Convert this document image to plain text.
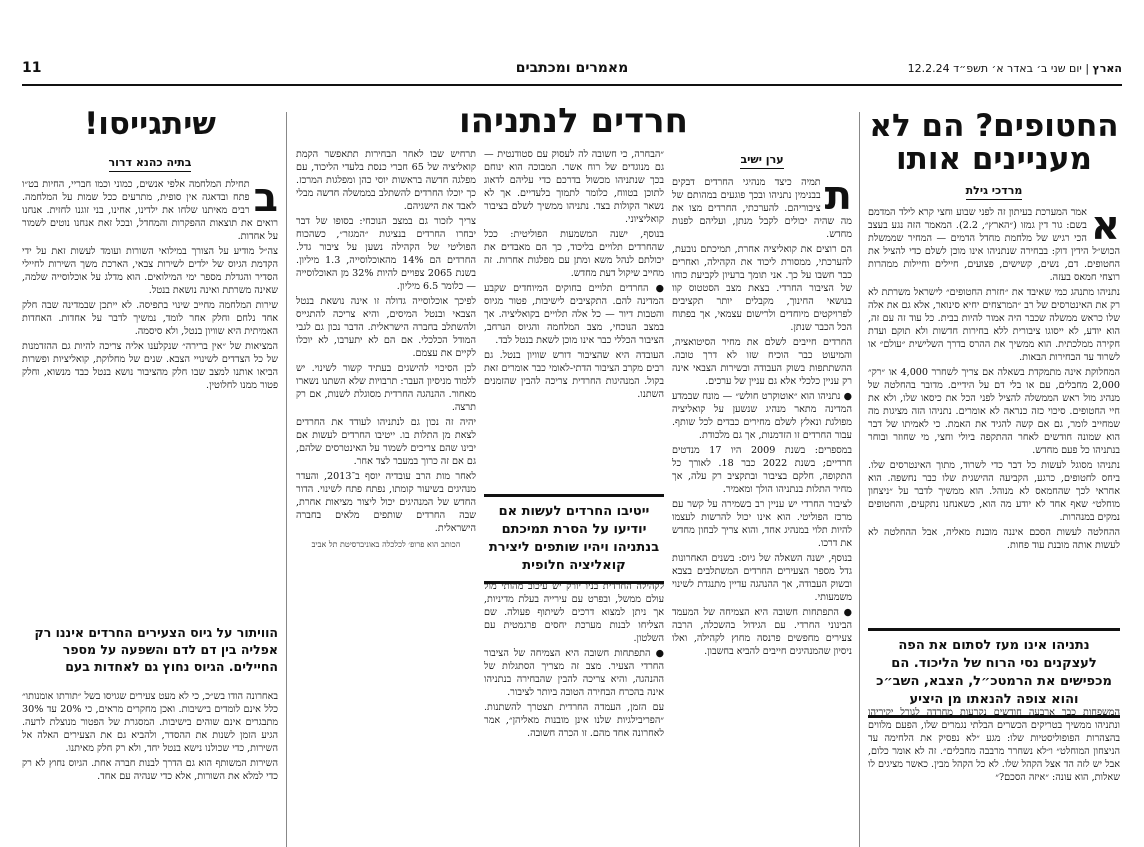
11	מאמרים ומכתבים	הארץ | יום שני ב׳ באדר א׳ תשפ״ד 12.2.24
החטופים? הם לא מעניינים אותו
מרדכי גילת
א

אמר המערכת בעיתון זה לפני שבוע וחצי קרא לילד המדמם בשם: גור דין גמזו (״הארץ״, 2.2). המאמר הזה נגע בעצב הכי רגיש של מלחמת מחדל הדמים — המחיר שממשלת הכוש״ל הידין דוק: בבחירה שנתניהו אינו מוכן לשלם כדי להציל את החטופים. דם, נשים, קשישים, פצועים, חיילים וחיילות ממהרות רוצחי חמאס בעזה.

נתניהו מתנהג כמי שאיבד את ״חזרת החטופים״ לישראל משרתת לא רק את האינטרסים של רב ״המרצחים יחיא סינואר, אלא גם את אלה שלו כראש ממשלה שכבר היה אמור להיות בבית. כל עוד זה עם זה, הוא יודע, לא ייסוגו ציבורית ללא בחירות חדשות ולא תוקם ועדת חקירה ממלכתית. הוא ממשיך את ההרס בדרך השלישית ״עולם״ או לשרוד עד הבחירות הבאות.

המחלוקת אינה מתמקדת בשאלה אם צריך לשחרר 4,000 או ״רק״ 2,000 מחבלים, עם או בלי דם על הידיים. מדובר בהחלטה של מנהיג מול ראש הממשלה להציל לפני הכל את כיסאו שלו, ולא את חיי החטופים. סיכוי כזה כנראה לא אומרים. נתניהו הזה מציגות מה שמחייב לומר, גם אם קשה להגיד את האמת. כי לאמיתו של דבר הוא שמונה חודשים לאחר ההתקפה ביולי וחצי, מי שחוזר ובוחר בנתניהו כל פעם מחדש.

נתניהו מסוגל לעשות כל דבר כדי לשרוד, מתוך האינטרסים שלו. ביחס לחטופים, כרגע, הקביעה ההישגית שלו כבר נחשפה. הוא אחראי לכך שהחמאס לא מנוהל. הוא ממשיך לדבר על ״ניצחון מוחלט״ שאף אחד לא יודע מה הוא, כשאנחנו נתקעים, והחטופים נמקים במנהרות.

ההחלטה לעשות הסכם איננה מובנת מאליה, אבל ההחלטה לא לעשות אותה מובנת עוד פחות.

נתניהו אינו מעז לסתום את הפה לעצקנים נסי הרוח של הליכוד. הם מכפישים את הרמטכ״ל, הצבא, השב״כ והוא צופה להנאתו מן היציע

המשפחות כבר ארבעה חודשים נקרעות מחרדה לגורל יקיריהן ונתניהו ממשיך בטריקים הכשרים הבלתי נגמרים שלו, הפעם מלווים בהצהרות הפופוליסטיות שלו: מגע ״לא נפסיק את הלחימה עד הניצחון המוחלט״ ו״לא נשחרר מרבבה מחבלים״. זה לא אומר כלום, אבל יש לזה הד אצל הקהל שלו. לא כל הקהל מבין. כאשר מציגים לו שאלות, הוא עונה: ״איזה הסכם?״

חרדים לנתניהו
ערן ישיב
ת

תמיה כיצד מנהיגי החרדים דבקים בבנימין נתניהו ובכך פוגעים במהותם של ציבוריהם. להערכתי, החרדים מצו את מה שהיה יכולים לקבל מנתן, ועליהם לפנות מחדש.

הם רוצים את קואליציה אחרת, תמיכתם נובעת, להערכתי, ממסורת ליכוד את הקהילה, ואחרים כבר חשבו על כך. אני תומך ברעיון לקביעת כוחו של הציבור החרדי. בצאת מצב הסטטוס קוו בנושאי החינוך, מקבלים יותר תקציבים לפרויקטים מיוחדים ולרישום עצמאי, אך בפתוח הכל הכבר שנתן.

החרדים חייבים לשלם את מחיר הסיטואציה, והמיעוט כבר הוכיח שזו לא דרך טובה. ההשתתפות בשוק העבודה ובשירות הצבאי אינה רק עניין כלכלי אלא גם עניין של ערכים.

● נתניהו הוא ״אוטוקרט חולש״ — מונח שבמדע המדינה מתאר מנהיג שנשען על קואליציה מפולגת ונאלץ לשלם מחירים כבדים לכל שותף. עבור החרדים זו הזדמנות, אך גם מלכודת.

במספרים: בשנת 2009 היו 17 מנדטים חרדיים; בשנת 2022 כבר 18. לאורך כל התקופה, חלקם בציבור ובתקציב רק עלה, אך מחיר התלות בנתניהו הולך ומאמיר.

לציבור החרדי יש עניין רב בשמירה על קשר עם מרכז הפוליטי. הוא אינו יכול להרשות לעצמו להיות תלוי במנהיג אחד, והוא צריך לבחון מחדש את דרכו.

בנוסף, ישנה השאלה של גיוס: בשנים האחרונות גדל מספר הצעירים החרדים המשתלבים בצבא ובשוק העבודה, אך ההנהגה עדיין מתנגדת לשינוי משמעותי.

● התפתחות חשובה היא הצמיחה של המעמד הבינוני החרדי. עם הגידול בהשכלה, הרבה צעירים מחפשים פרנסה מחוץ לקהילה, ואלו ניסיון שהמנהיגים חייבים להביא בחשבון.

״הבחרה, כי חשובה לה לעסוק עם סטודנטית — גם מנוגדים של רוח אשר. המבוכה הוא ינוחם בכך שנתניהו מכשול בדרכם כדי עליהם לדאוג לתוכן בטווח, כלומר לתמוך בלעדיים. אך לא נשאר הקולות בצד. נתניהו ממשיך לשלם בציבור קואליציוני.

בנוסף, ישנה המשמעות הפוליטית: ככל שהחרדים תלויים בליכוד, כך הם מאבדים את יכולתם לנהל משא ומתן עם מפלגות אחרות. זה מחייב שיקול דעת מחדש.

● החרדים תלויים בחוקים המיוחדים שקבע המדינה להם. התקציבים לישיבות, פטור מגיוס והטבות דיור — כל אלה תלויים בקואליציה. אך במצב הנוכחי, מצב המלחמה והגיוס הנרחב, הציבור הכללי כבר אינו מוכן לשאת בנטל לבד.

העובדה היא שהציבור דורש שוויון בנטל. גם רבים מקרב הציבור הדתי-לאומי כבר אומרים זאת בקול. המנהיגות החרדית צריכה להבין שהזמנים השתנו.

ייטיבו החרדים לעשות אם יודיעו על הסרת תמיכתם בנתניהו ויהיו שותפים ליצירת קואליציה חלופית

לקהילה החרדית בניו יורק יש עיכוב מהותי מול עולם ממשל, ובפרט עם עירייה בעלת מדיניות, אך ניתן למצוא דרכים לשיתוף פעולה. שם הצליחו לבנות מערכת יחסים פרגמטית עם השלטון.

● התפתחות חשובה היא הצמיחה של הציבור החרדי הצעיר. מצב זה מצריך הסתגלות של ההנהגה, והיא צריכה להבין שהבחירה בנתניהו אינה בהכרח הבחירה הטובה ביותר לציבור.

עם הזמן, העמדה החרדית תצטרך להשתנות. ״הפריבילגיות שלנו אינן מובנות מאליהן״, אמר לאחרונה אחד מהם. זו הכרה חשובה.

תרחיש שבו לאחר הבחירות תתאפשר הקמת קואליציה של 65 חברי כנסת בלעדי הליכוד, עם מפלגה חדשה בראשות יוסי כהן ומפלגות המרכז. כך יוכלו החרדים להשתלב בממשלה חדשה מבלי לאבד את הישגיהם.

צריך לזכור גם במצב הנוכחי: בסופו של דבר יבחרו החרדים בנציגות ״המגזר״, כשהכוח הפוליטי של הקהילה נשען על ציבור גדל. החרדים הם 14% מהאוכלוסייה, 1.3 מיליון. בשנת 2065 צפויים להיות 32% מן האוכלוסייה — כלומר 6.5 מיליון.

לפיכך אוכלוסייה גדולה זו אינה נושאת בנטל הצבאי ובנטל המיסים, והיא צריכה להתגייס ולהשתלב בחברה הישראלית. הדבר נכון גם לגבי המודל הכלכלי. אם הם לא יתערבו, לא יוכלו לקיים את עצמם.

לכן הסיכוי להישגים בעתיד קשור לשינוי. יש ללמוד מניסיון העבר: תרבויות שלא השתנו נשארו מאחור. ההנהגה החרדית מסוגלת לשנות, אם רק תרצה.

יהיה זה נכון גם לנתניהו לעודד את החרדים לצאת מן התלות בו. ייטיבו החרדים לעשות אם יבינו שהם צריכים לשמור על האינטרסים שלהם, גם אם זה כרוך במעבר לצד אחר.

לאחר מות הרב עובדיה יוסף ב־2013, והעדר מנהיגים בשיעור קומתו, נפתח פתח לשינוי. הדור החדש של המנהיגים יכול ליצור מציאות אחרת, שבה החרדים שותפים מלאים בחברה הישראלית.

הכותב הוא פרופ׳ לכלכלה באוניברסיטת תל אביב
שיתגייסו!
בתיה כהנא דרור
ב

תחילת המלחמה אלפי אנשים, כמוני וכמו חבריי, החיות בט״ו פתח ובדאגה אין סופית, מתרעים ככל שמות על המלחמה. רבים מאיתנו שלחו את ילדינו, אחינו, בני זוגנו לחזית. אנחנו רואים את תוצאות ההפקרות והמחדל, ובכל זאת אנחנו נוטים לשמור על אחדות.

צה״ל מודיע על הצורך במילואי השורות ועומד לעשות זאת על ידי הקדמת הגיוס של ילדים לשירות צבאי, הארכת משך השירות לחיילי הסדיר והגדלת מספר ימי המילואים. הוא מדלג על אוכלוסייה שלמה, שאינה משרתת ואינה נושאת בנטל.

שירות המלחמה מחייב שינוי בתפיסה. לא ייתכן שבמדינה שבה חלק אחד נלחם וחלק אחר לומד, נמשיך לדבר על אחדות. האחדות האמיתית היא שוויון בנטל, ולא סיסמה.

המציאות של ״אין ברירה״ שנקלענו אליה צריכה להיות גם ההזדמנות של כל הצדדים לשינויי הצבא. שנים של מחלוקת, קואליציות ופשרות הביאו אותנו למצב שבו חלק מהציבור נושא בנטל כבד מנשוא, וחלק פטור ממנו לחלוטין.

הוויתור על גיוס הצעירים החרדים איננו רק אפליה בין דם לדם והשפעה על מספר החיילים. הגיוס נחוץ גם לאחדות בעם

באחרונה הודו בש״כ, כי לא מעט צעירים שגויסו בשל ״תורתו אומנותו״ כלל אינם לומדים בישיבות. ואכן מחקרים מראים, כי 20% עד 30% מתבגרים אינם שוהים בישיבות. המסגרת של הפטור מנוצלת לרעה. הגיע הזמן לשנות את ההסדר, ולהביא גם את הצעירים האלה אל השירות, כדי שכולנו נישא בנטל יחד, ולא רק חלק מאיתנו.

השירות המשותף הוא גם הדרך לבנות חברה אחת. הגיוס נחוץ לא רק כדי למלא את השורות, אלא כדי שנהיה עם אחד.
